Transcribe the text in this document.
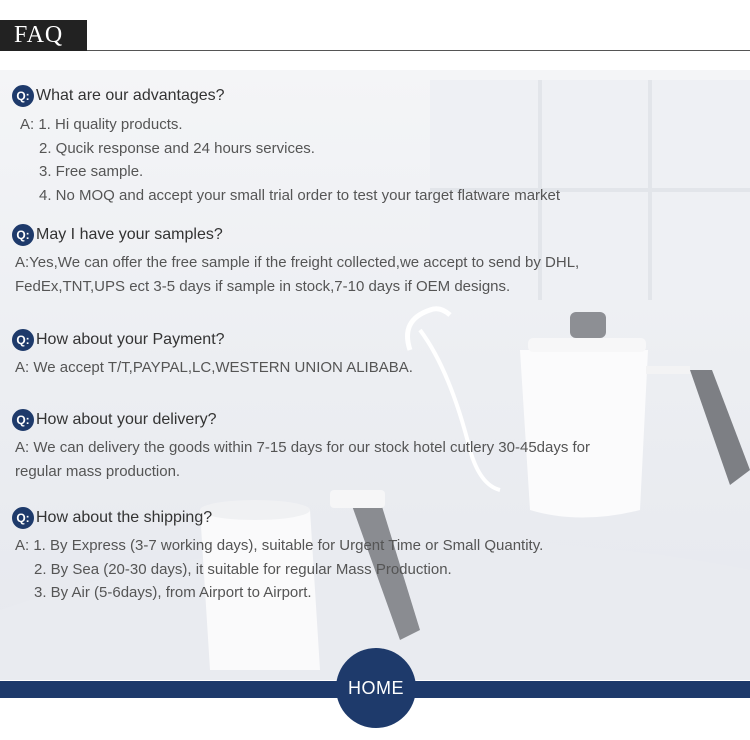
FAQ
Q: What are our advantages?
A: 1. Hi quality products.
2. Qucik response and 24 hours services.
3. Free sample.
4. No MOQ and accept your small trial order to test your target flatware market
Q: May I have your samples?
A:Yes,We can offer the free sample if the freight collected,we accept to send by DHL,
FedEx,TNT,UPS ect 3-5 days if sample in stock,7-10 days if OEM designs.
Q: How about your Payment?
A: We accept T/T,PAYPAL,LC,WESTERN UNION ALIBABA.
Q: How about your delivery?
A: We can delivery the goods within 7-15 days for our stock hotel cutlery 30-45days for
regular mass production.
Q: How about the shipping?
A: 1. By Express (3-7 working days), suitable for Urgent Time or Small Quantity.
2. By Sea (20-30 days), it suitable for regular Mass Production.
3. By Air (5-6days), from Airport to Airport.
HOME
